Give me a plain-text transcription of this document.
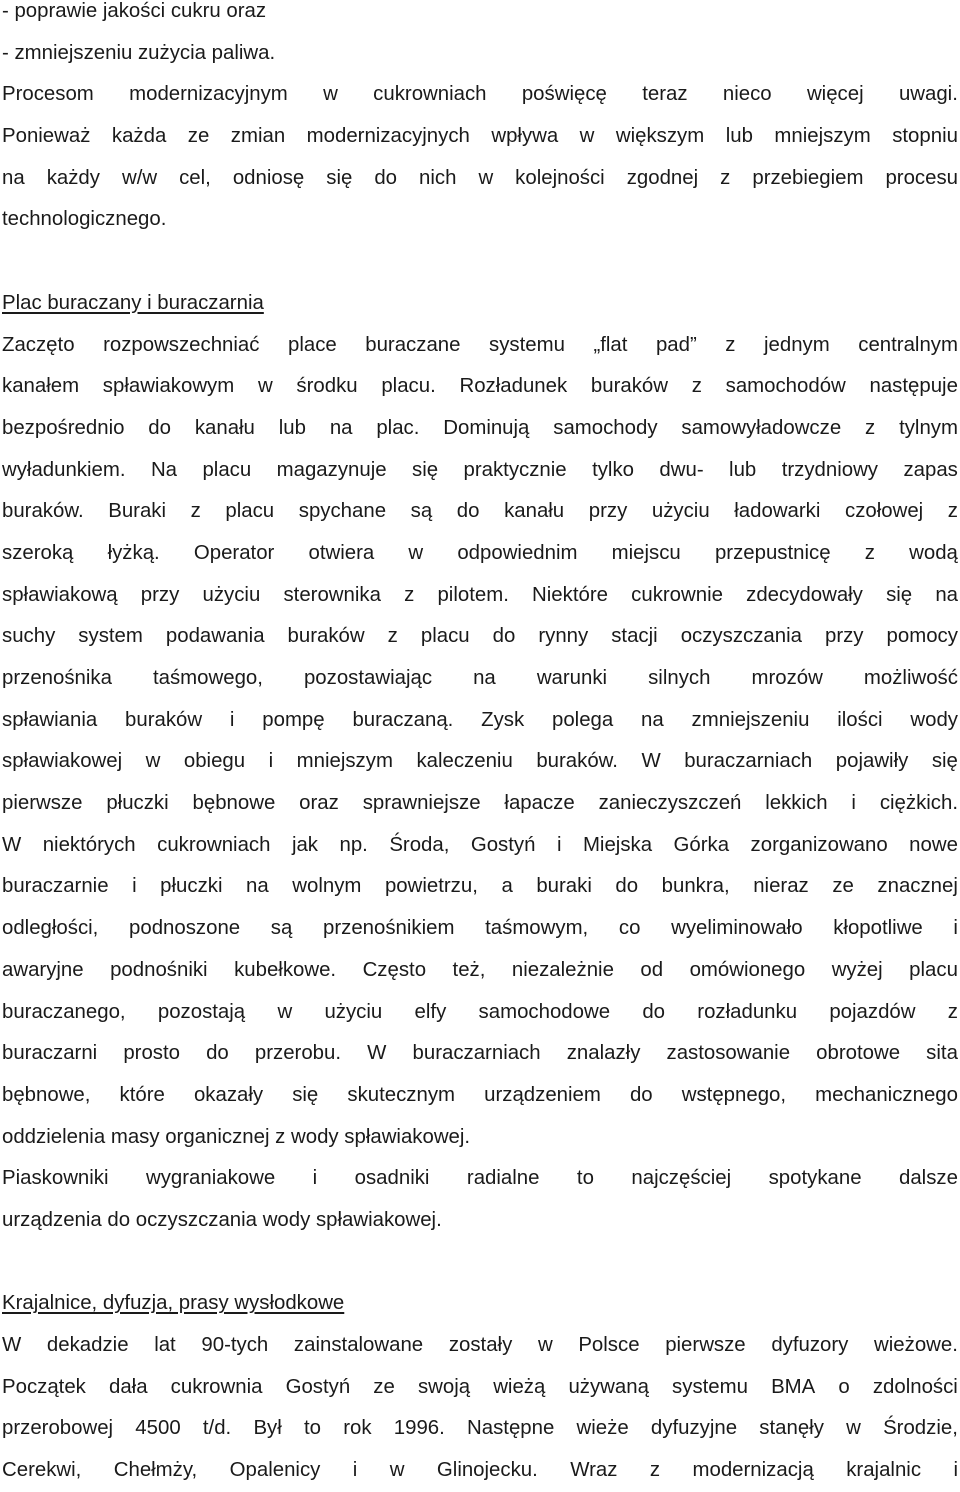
- poprawie jakości cukru oraz
- zmniejszeniu zużycia paliwa.
Procesom modernizacyjnym w cukrowniach poświęcę teraz nieco więcej uwagi.
Ponieważ każda ze zmian modernizacyjnych wpływa w większym lub mniejszym stopniu
na każdy w/w cel, odniosę się do nich w kolejności zgodnej z przebiegiem procesu
technologicznego.
Plac buraczany i buraczarnia
Zaczęto rozpowszechniać place buraczane systemu „flat pad” z jednym centralnym
kanałem spławiakowym w środku placu. Rozładunek buraków z samochodów następuje
bezpośrednio do kanału lub na plac. Dominują samochody samowyładowcze z tylnym
wyładunkiem. Na placu magazynuje się praktycznie tylko dwu- lub trzydniowy zapas
buraków. Buraki z placu spychane są do kanału przy użyciu ładowarki czołowej z
szeroką łyżką. Operator otwiera w odpowiednim miejscu przepustnicę z wodą
spławiakową przy użyciu sterownika z pilotem. Niektóre cukrownie zdecydowały się na
suchy system podawania buraków z placu do rynny stacji oczyszczania przy pomocy
przenośnika taśmowego, pozostawiając na warunki silnych mrozów możliwość
spławiania buraków i pompę buraczaną. Zysk polega na zmniejszeniu ilości wody
spławiakowej w obiegu i mniejszym kaleczeniu buraków. W buraczarniach pojawiły się
pierwsze płuczki bębnowe oraz sprawniejsze łapacze zanieczyszczeń lekkich i ciężkich.
W niektórych cukrowniach jak np. Środa, Gostyń i Miejska Górka zorganizowano nowe
buraczarnie i płuczki na wolnym powietrzu, a buraki do bunkra, nieraz ze znacznej
odległości, podnoszone są przenośnikiem taśmowym, co wyeliminowało kłopotliwe i
awaryjne podnośniki kubełkowe. Często też, niezależnie od omówionego wyżej placu
buraczanego, pozostają w użyciu elfy samochodowe do rozładunku pojazdów z
buraczarni prosto do przerobu. W buraczarniach znalazły zastosowanie obrotowe sita
bębnowe, które okazały się skutecznym urządzeniem do wstępnego, mechanicznego
oddzielenia masy organicznej z wody spławiakowej.
Piaskowniki wygraniakowe i osadniki radialne to najczęściej spotykane dalsze
urządzenia do oczyszczania wody spławiakowej.
Krajalnice, dyfuzja, prasy wysłodkowe
W dekadzie lat 90-tych zainstalowane zostały w Polsce pierwsze dyfuzory wieżowe.
Początek dała cukrownia Gostyń ze swoją wieżą używaną systemu BMA o zdolności
przerobowej 4500 t/d. Był to rok 1996. Następne wieże dyfuzyjne stanęły w Środzie,
Cerekwi, Chełmży, Opalenicy i w Glinojecku. Wraz z modernizacją krajalnic i
